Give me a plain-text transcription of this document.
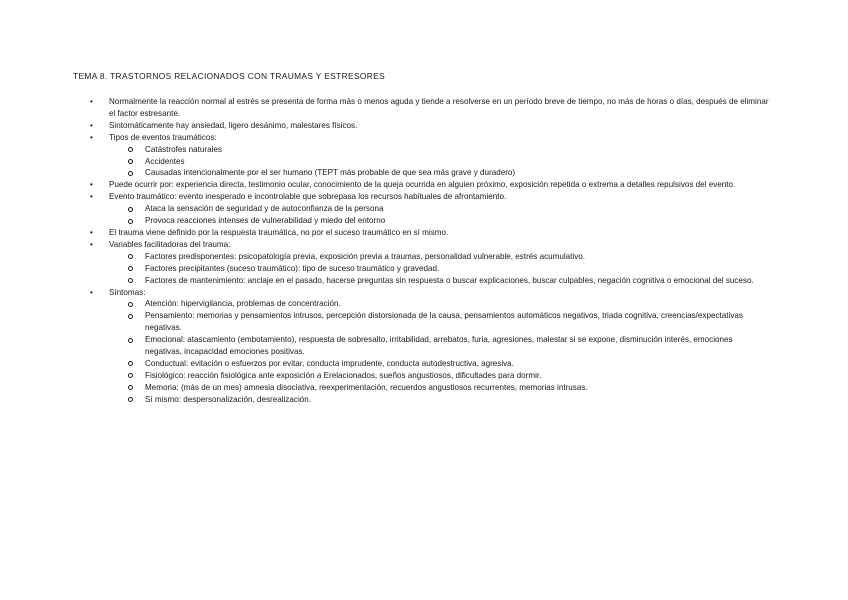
TEMA 8. TRASTORNOS RELACIONADOS CON TRAUMAS Y ESTRESORES
• Normalmente la reacción normal al estrés se presenta de forma más o menos aguda y tiende a resolverse en un período breve de tiempo, no más de horas o días, después de eliminar el factor estresante.
• Sintomáticamente hay ansiedad, ligero desánimo, malestares físicos.
• Tipos de eventos traumáticos:
Catástrofes naturales
Accidentes
Causadas intencionalmente por el ser humano (TEPT más probable de que sea más grave y duradero)
• Puede ocurrir por: experiencia directa, testimonio ocular, conocimiento de la queja ocurrida en alguien próximo, exposición repetida o extrema a detalles repulsivos del evento.
• Evento traumático: evento inesperado e incontrolable que sobrepasa los recursos habituales de afrontamiento.
Ataca la sensación de seguridad y de autoconfianza de la persona
Provoca reacciones intenses de vulnerabilidad y miedo del entorno
• El trauma viene definido por la respuesta traumática, no por el suceso traumático en sí mismo.
• Variables facilitadoras del trauma:
Factores predisponentes: psicopatología previa, exposición previa a traumas, personalidad vulnerable, estrés acumulativo.
Factores precipitantes (suceso traumático): tipo de suceso traumático y gravedad.
Factores de mantenimiento: anclaje en el pasado, hacerse preguntas sin respuesta o buscar explicaciones, buscar culpables, negación cognitiva o emocional del suceso.
• Síntomas:
Atención: hipervigilancia, problemas de concentración.
Pensamiento: memorias y pensamientos intrusos, percepción distorsionada de la causa, pensamientos automáticos negativos, triada cognitiva, creencias/expectativas negativas.
Emocional: atascamiento (embotamiento), respuesta de sobresalto, irritabilidad, arrebatos, furia, agresiones, malestar si se expone, disminución interés, emociones negativas, incapacidad emociones positivas.
Conductual: evitación o esfuerzos por evitar, conducta imprudente, conducta autodestructiva, agresiva.
Fisiológico: reacción fisiológica ante exposición a Erelacionados, sueños angustiosos, dificultades para dormir.
Memoria: (más de un mes) amnesia disociativa, reexperimentación, recuerdos angustiosos recurrentes, memorias intrusas.
Sí mismo: despersonalización, desrealización.
